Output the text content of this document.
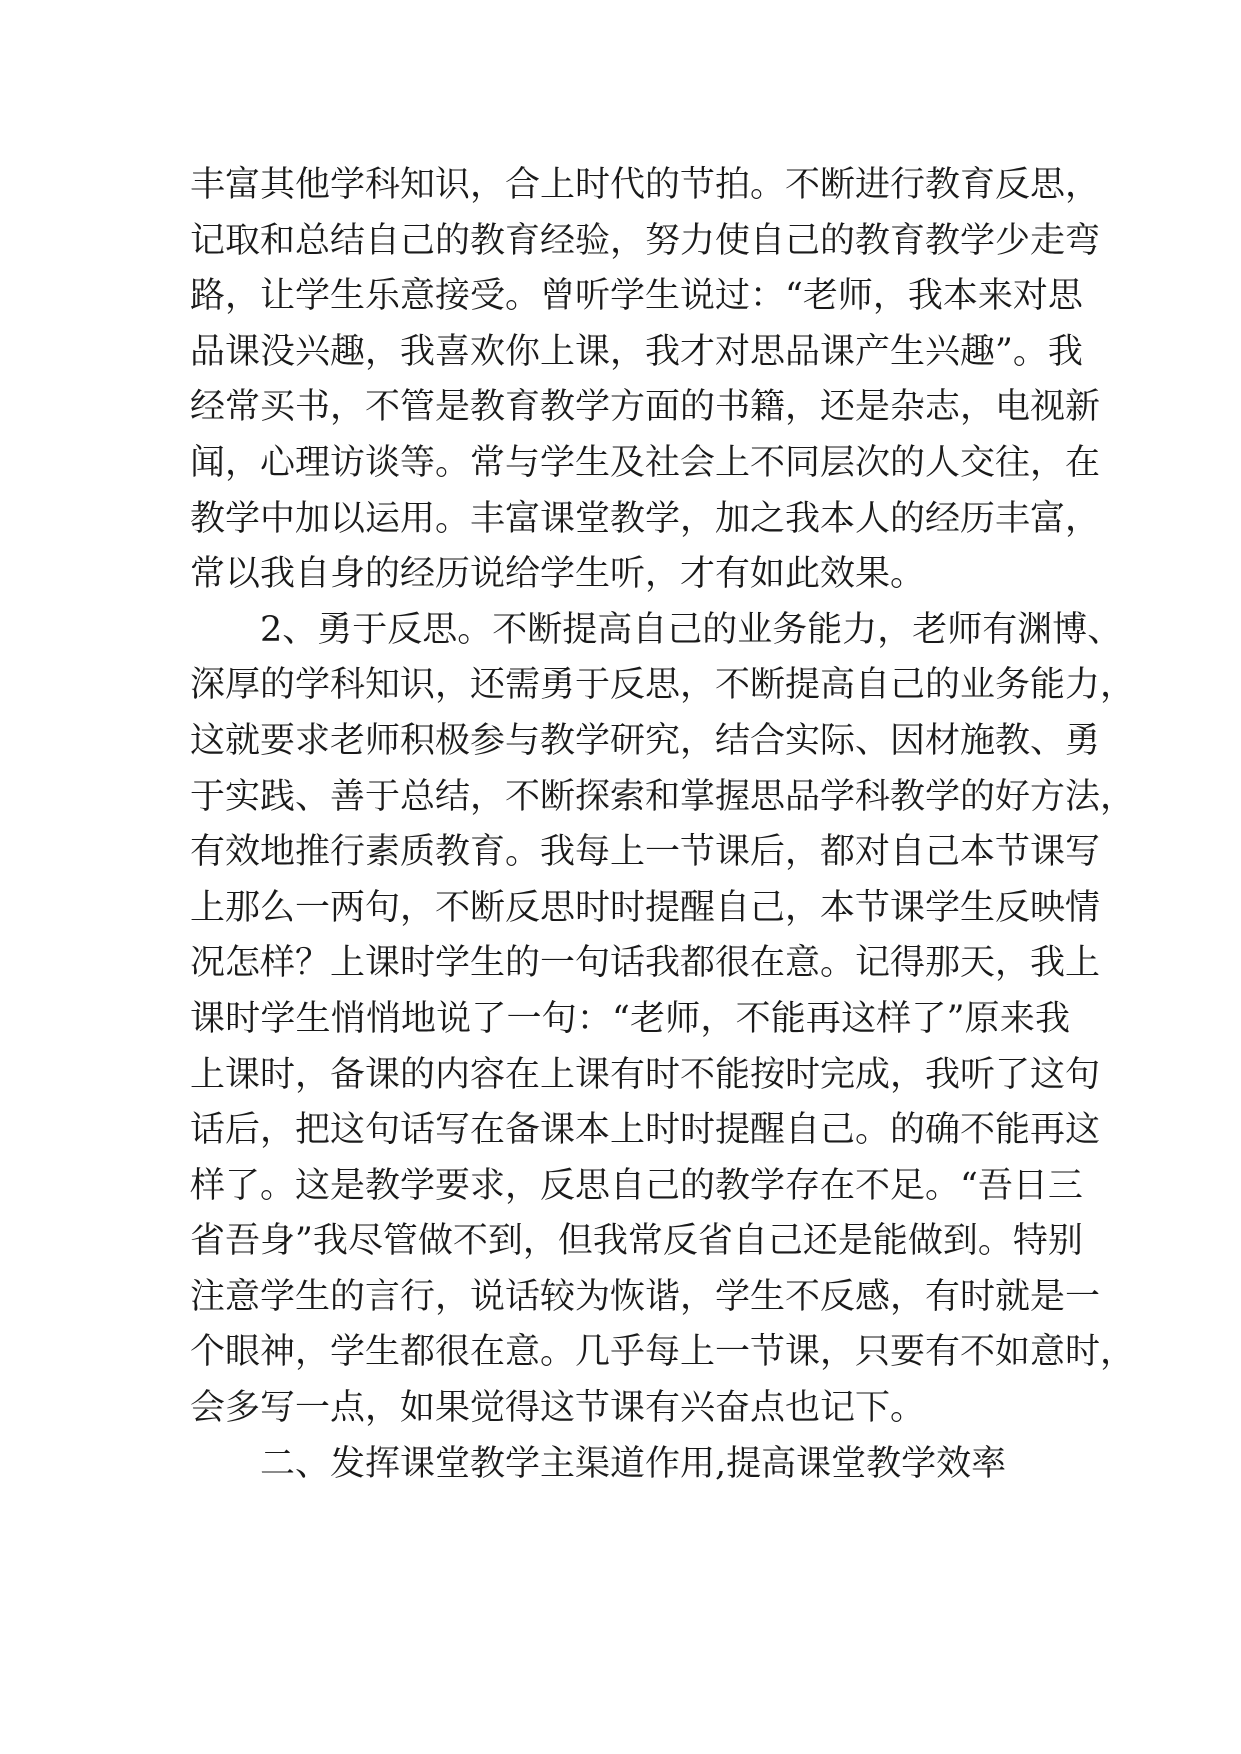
丰富其他学科知识，合上时代的节拍。不断进行教育反思，
记取和总结自己的教育经验，努力使自己的教育教学少走弯
路，让学生乐意接受。曾听学生说过：“老师，我本来对思
品课没兴趣，我喜欢你上课，我才对思品课产生兴趣”。我
经常买书，不管是教育教学方面的书籍，还是杂志，电视新
闻，心理访谈等。常与学生及社会上不同层次的人交往，在
教学中加以运用。丰富课堂教学，加之我本人的经历丰富，
常以我自身的经历说给学生听，才有如此效果。
2、勇于反思。不断提高自己的业务能力，老师有渊博、
深厚的学科知识，还需勇于反思，不断提高自己的业务能力，
这就要求老师积极参与教学研究，结合实际、因材施教、勇
于实践、善于总结，不断探索和掌握思品学科教学的好方法，
有效地推行素质教育。我每上一节课后，都对自己本节课写
上那么一两句，不断反思时时提醒自己，本节课学生反映情
况怎样？上课时学生的一句话我都很在意。记得那天，我上
课时学生悄悄地说了一句：“老师，不能再这样了”原来我
上课时，备课的内容在上课有时不能按时完成，我听了这句
话后，把这句话写在备课本上时时提醒自己。的确不能再这
样了。这是教学要求，反思自己的教学存在不足。“吾日三
省吾身”我尽管做不到，但我常反省自己还是能做到。特别
注意学生的言行，说话较为恢谐，学生不反感，有时就是一
个眼神，学生都很在意。几乎每上一节课，只要有不如意时，
会多写一点，如果觉得这节课有兴奋点也记下。
二、发挥课堂教学主渠道作用,提高课堂教学效率
